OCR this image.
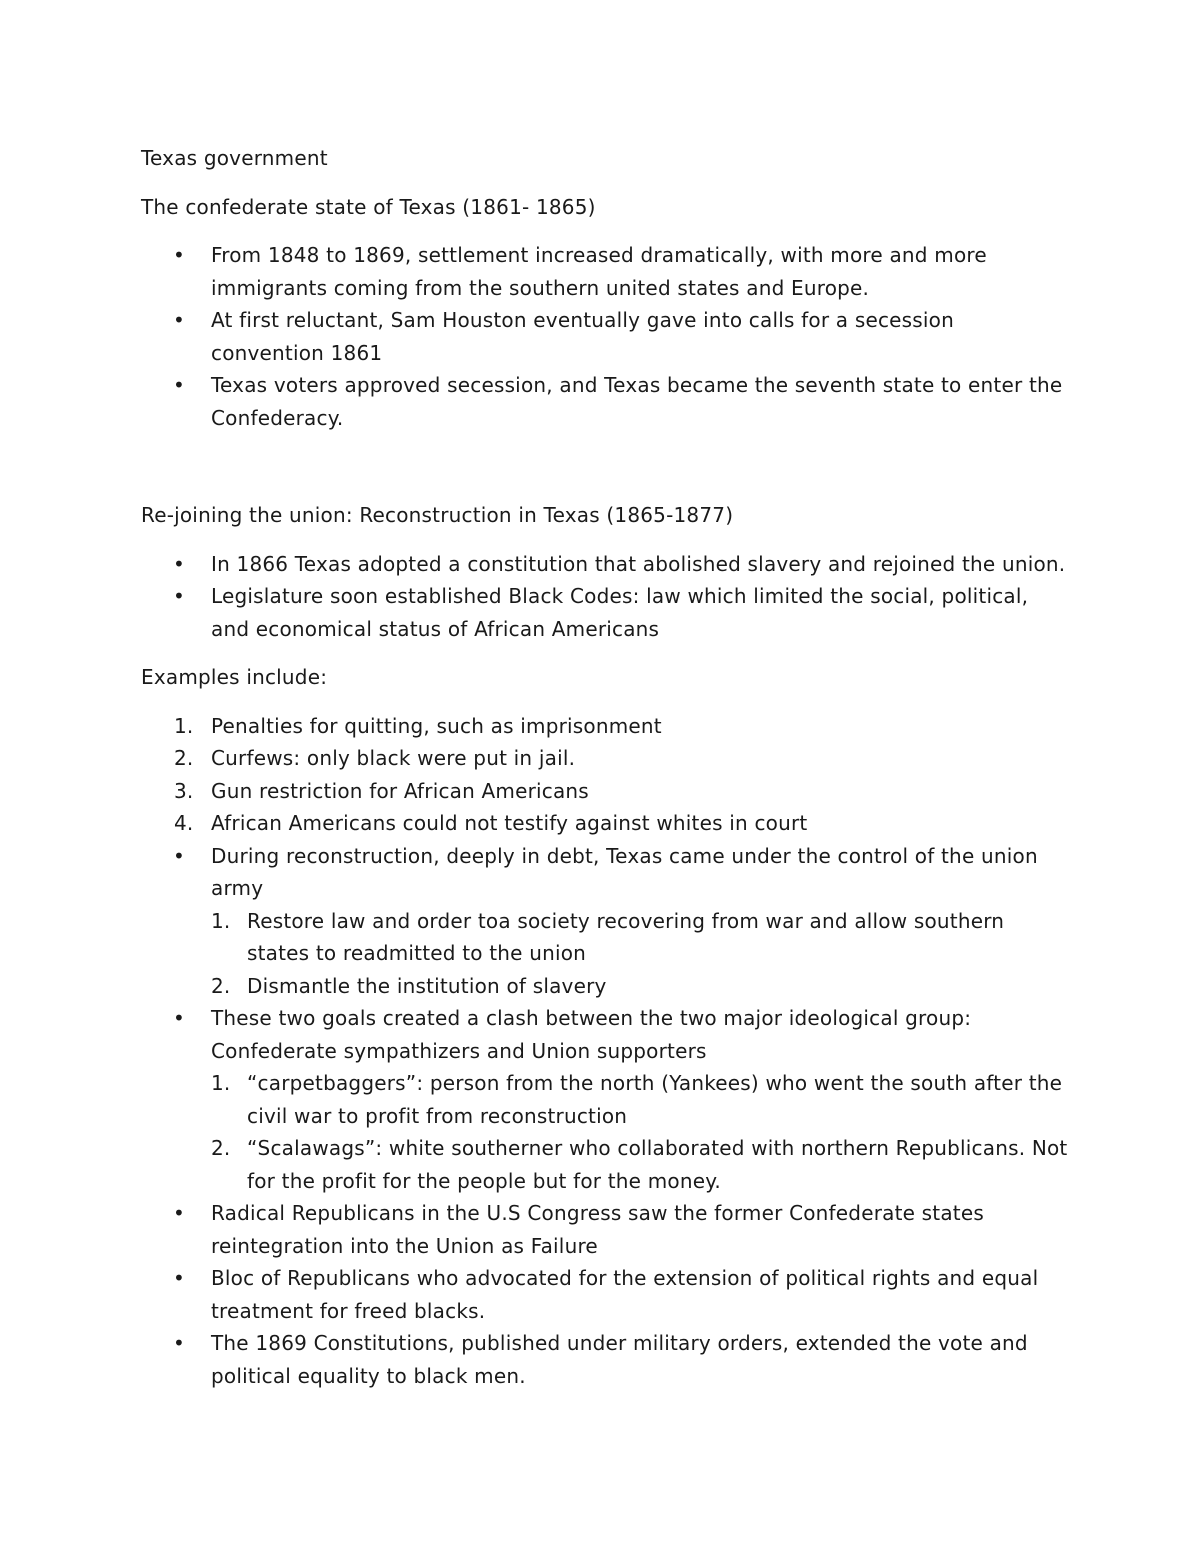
Texas government

The confederate state of Texas (1861- 1865)

• From 1848 to 1869, settlement increased dramatically, with more and more immigrants coming from the southern united states and Europe.
• At first reluctant, Sam Houston eventually gave into calls for a secession convention 1861
• Texas voters approved secession, and Texas became the seventh state to enter the Confederacy.

Re-joining the union: Reconstruction in Texas (1865-1877)

• In 1866 Texas adopted a constitution that abolished slavery and rejoined the union.
• Legislature soon established Black Codes: law which limited the social, political, and economical status of African Americans

Examples include:

1. Penalties for quitting, such as imprisonment
2. Curfews: only black were put in jail.
3. Gun restriction for African Americans
4. African Americans could not testify against whites in court
• During reconstruction, deeply in debt, Texas came under the control of the union army
1. Restore law and order toa society recovering from war and allow southern states to readmitted to the union
2. Dismantle the institution of slavery
• These two goals created a clash between the two major ideological group: Confederate sympathizers and Union supporters
1. “carpetbaggers”: person from the north (Yankees) who went the south after the civil war to profit from reconstruction
2. “Scalawags”: white southerner who collaborated with northern Republicans. Not for the profit for the people but for the money.
• Radical Republicans in the U.S Congress saw the former Confederate states reintegration into the Union as Failure
• Bloc of Republicans who advocated for the extension of political rights and equal treatment for freed blacks.
• The 1869 Constitutions, published under military orders, extended the vote and political equality to black men.
